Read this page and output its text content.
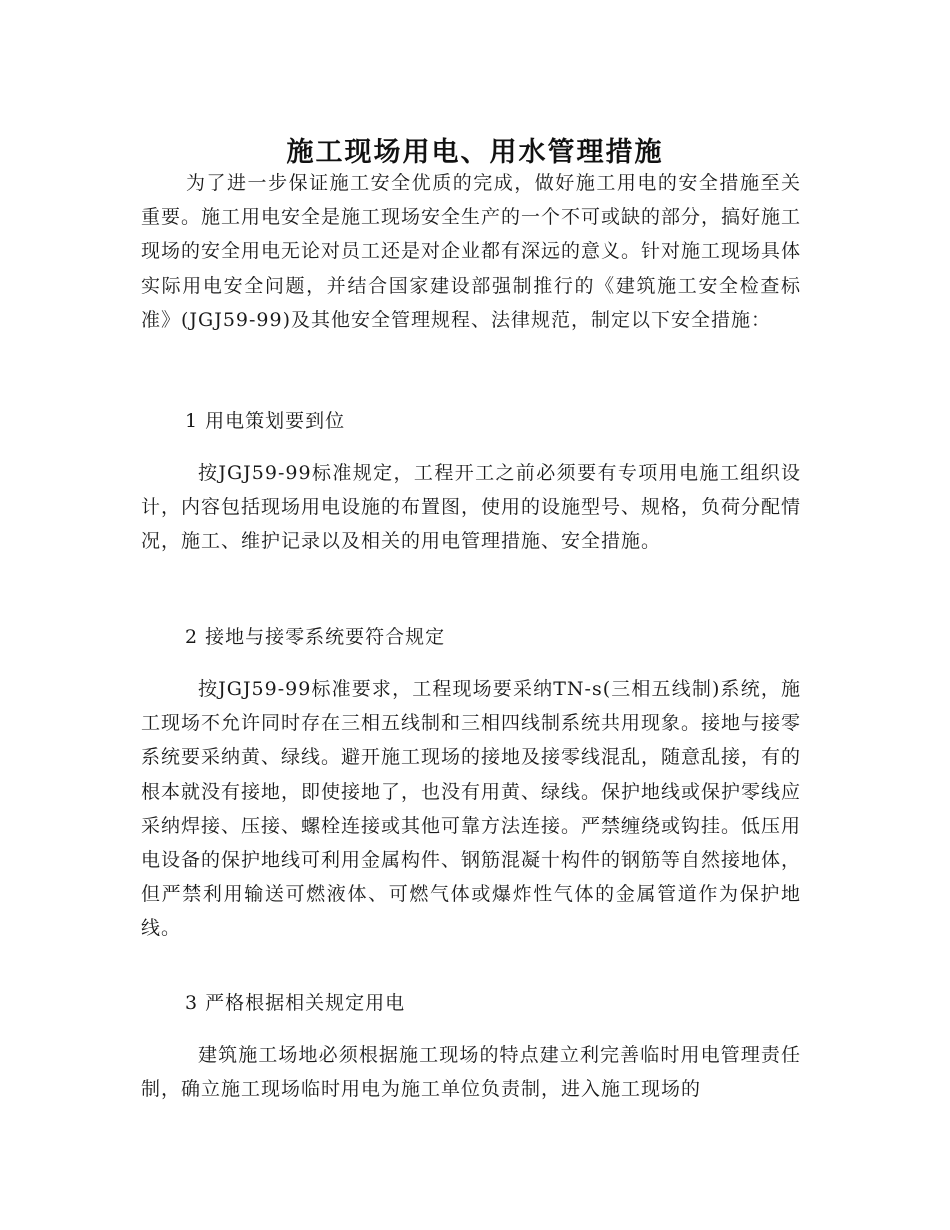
施工现场用电、用水管理措施

为了进一步保证施工安全优质的完成，做好施工用电的安全措施至关重要。施工用电安全是施工现场安全生产的一个不可或缺的部分，搞好施工现场的安全用电无论对员工还是对企业都有深远的意义。针对施工现场具体实际用电安全问题，并结合国家建设部强制推行的《建筑施工安全检查标准》(JGJ59-99)及其他安全管理规程、法律规范，制定以下安全措施：

1 用电策划要到位

按JGJ59-99标准规定，工程开工之前必须要有专项用电施工组织设计，内容包括现场用电设施的布置图，使用的设施型号、规格，负荷分配情况，施工、维护记录以及相关的用电管理措施、安全措施。

2 接地与接零系统要符合规定

按JGJ59-99标准要求，工程现场要采纳TN-s(三相五线制)系统，施工现场不允许同时存在三相五线制和三相四线制系统共用现象。接地与接零系统要采纳黄、绿线。避开施工现场的接地及接零线混乱，随意乱接，有的根本就没有接地，即使接地了，也没有用黄、绿线。保护地线或保护零线应采纳焊接、压接、螺栓连接或其他可靠方法连接。严禁缠绕或钩挂。低压用电设备的保护地线可利用金属构件、钢筋混凝十构件的钢筋等自然接地体，但严禁利用输送可燃液体、可燃气体或爆炸性气体的金属管道作为保护地线。

3 严格根据相关规定用电

建筑施工场地必须根据施工现场的特点建立利完善临时用电管理责任制，确立施工现场临时用电为施工单位负责制，进入施工现场的
